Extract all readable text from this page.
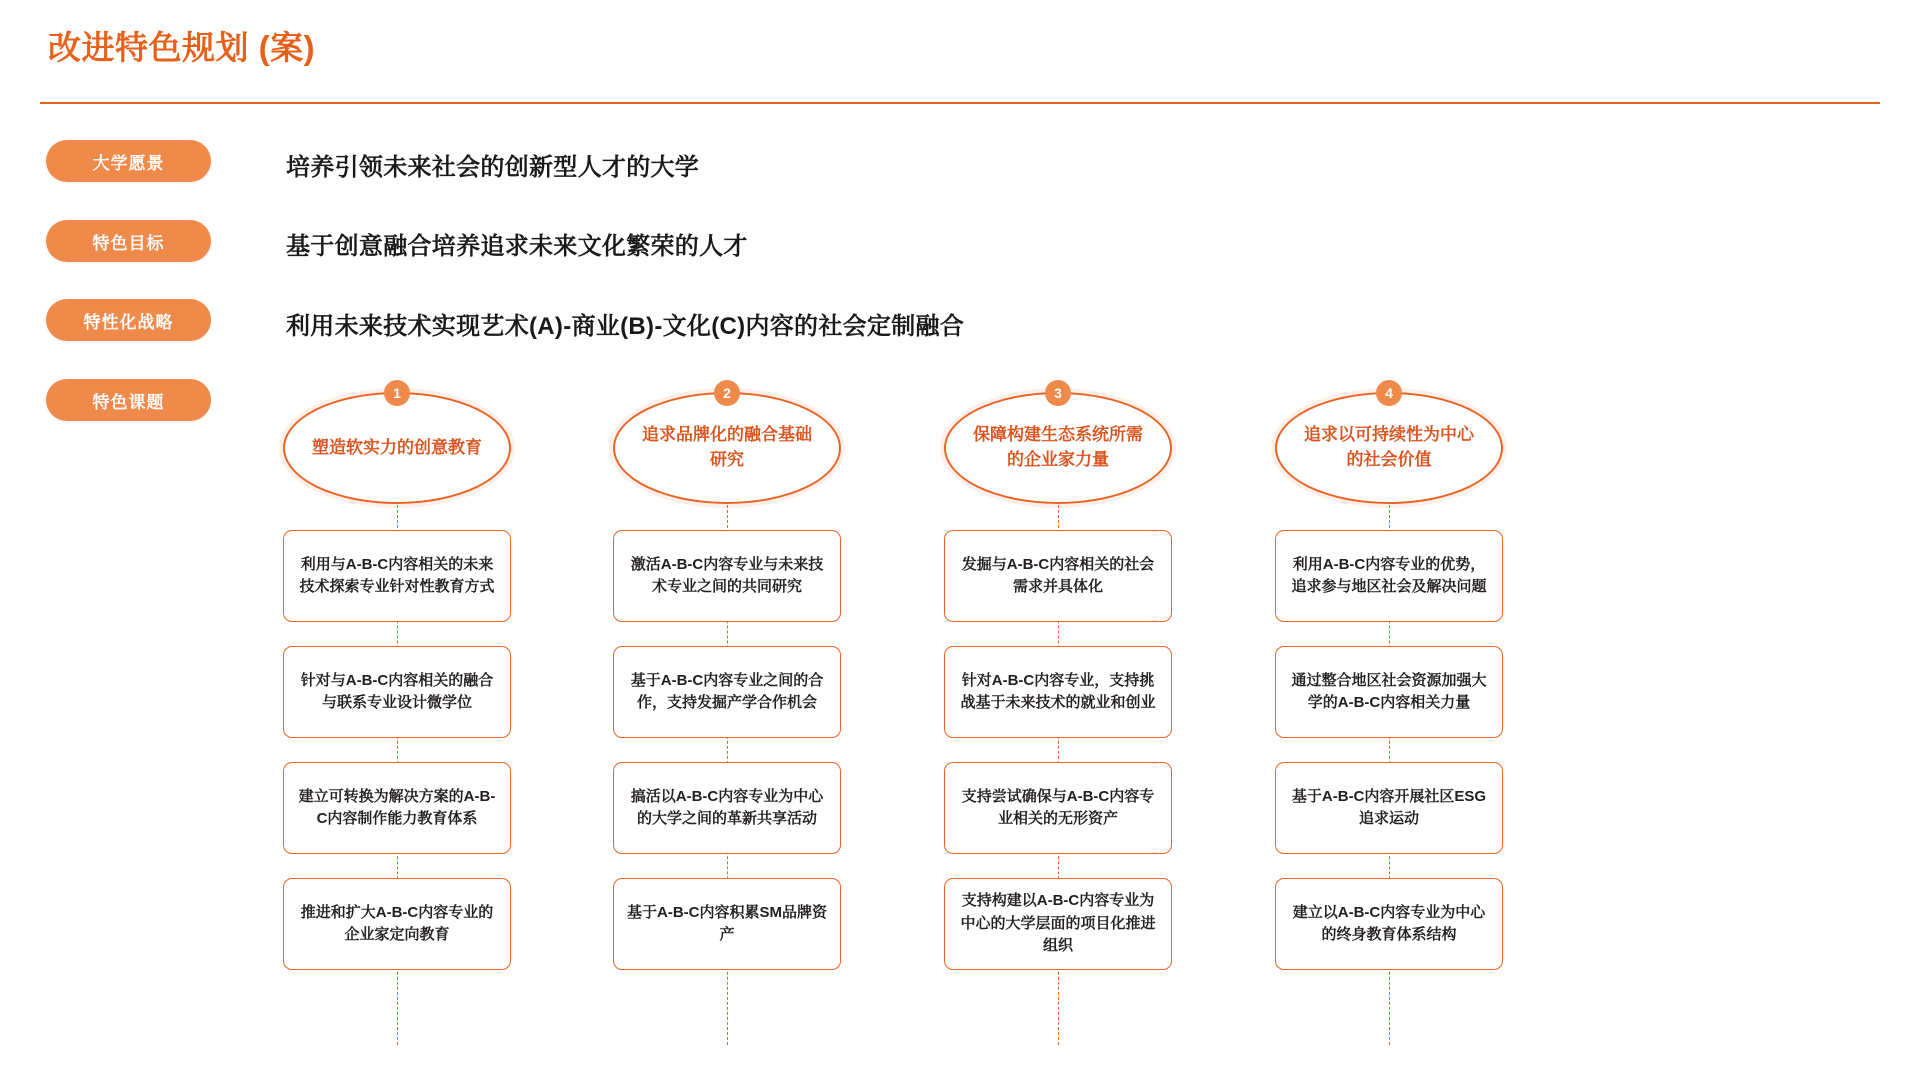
改进特色规划 (案)
大学愿景
特色目标
特性化战略
特色课题
培养引领未来社会的创新型人才的大学
基于创意融合培养追求未来文化繁荣的人才
利用未来技术实现艺术(A)-商业(B)-文化(C)内容的社会定制融合
塑造软实力的创意教育
1
利用与A-B-C内容相关的未来技术探索专业针对性教育方式
针对与A-B-C内容相关的融合与联系专业设计微学位
建立可转换为解决方案的A-B-C内容制作能力教育体系
推进和扩大A-B-C内容专业的企业家定向教育
追求品牌化的融合基础研究
2
激活A-B-C内容专业与未来技术专业之间的共同研究
基于A-B-C内容专业之间的合作，支持发掘产学合作机会
搞活以A-B-C内容专业为中心的大学之间的革新共享活动
基于A-B-C内容积累SM品牌资产
保障构建生态系统所需的企业家力量
3
发掘与A-B-C内容相关的社会需求并具体化
针对A-B-C内容专业，支持挑战基于未来技术的就业和创业
支持尝试确保与A-B-C内容专业相关的无形资产
支持构建以A-B-C内容专业为中心的大学层面的项目化推进组织
追求以可持续性为中心的社会价值
4
利用A-B-C内容专业的优势，追求参与地区社会及解决问题
通过整合地区社会资源加强大学的A-B-C内容相关力量
基于A-B-C内容开展社区ESG追求运动
建立以A-B-C内容专业为中心的终身教育体系结构
